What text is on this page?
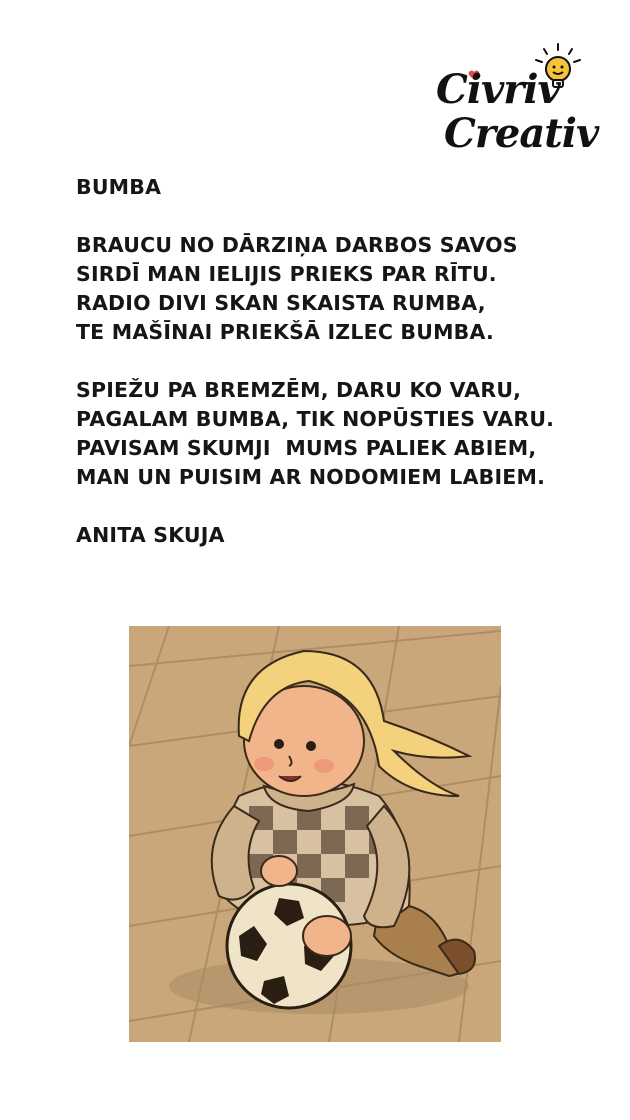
Civriv
Creativ
BUMBA
BRAUCU NO DĀRZIŅA DARBOS SAVOS
SIRDĪ MAN IELIJIS PRIEKS PAR RĪTU.
RADIO DIVI SKAN SKAISTA RUMBA,
TE MAŠĪNAI PRIEKŠĀ IZLEC BUMBA.
SPIEŽU PA BREMZĒM, DARU KO VARU,
PAGALAM BUMBA, TIK NOPŪSTIES VARU.
PAVISAM SKUMJI  MUMS PALIEK ABIEM,
MAN UN PUISIM AR NODOMIEM LABIEM.
ANITA SKUJA
